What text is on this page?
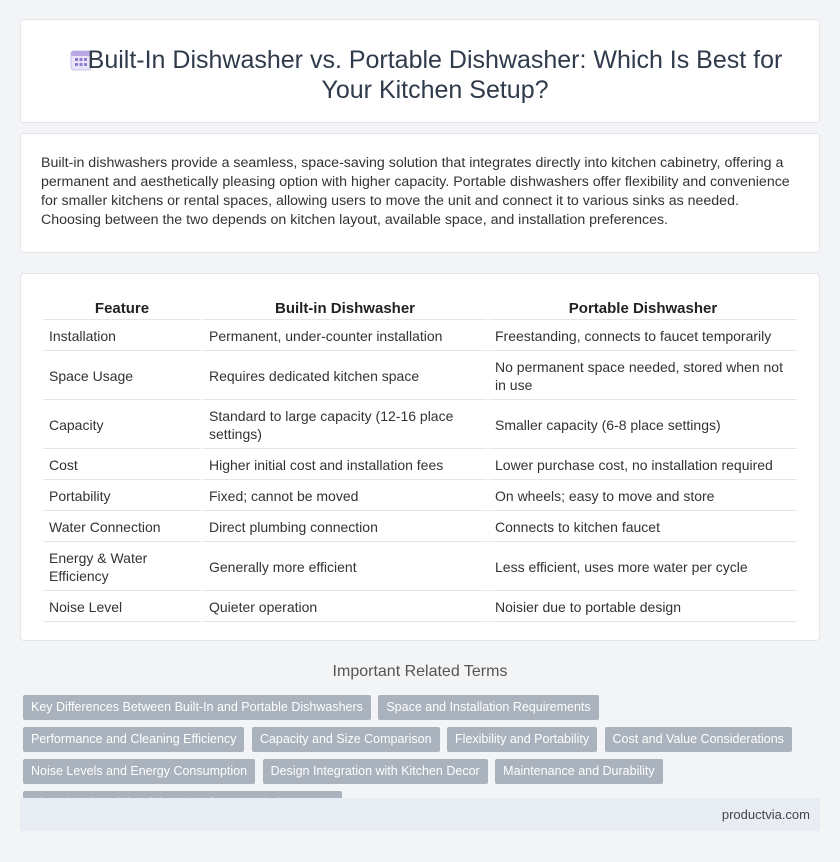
Built-In Dishwasher vs. Portable Dishwasher: Which Is Best for Your Kitchen Setup?

Built-in dishwashers provide a seamless, space-saving solution that integrates directly into kitchen cabinetry, offering a permanent and aesthetically pleasing option with higher capacity. Portable dishwashers offer flexibility and convenience for smaller kitchens or rental spaces, allowing users to move the unit and connect it to various sinks as needed. Choosing between the two depends on kitchen layout, available space, and installation preferences.

Feature	Built-in Dishwasher	Portable Dishwasher
Installation	Permanent, under-counter installation	Freestanding, connects to faucet temporarily
Space Usage	Requires dedicated kitchen space	No permanent space needed, stored when not in use
Capacity	Standard to large capacity (12-16 place settings)	Smaller capacity (6-8 place settings)
Cost	Higher initial cost and installation fees	Lower purchase cost, no installation required
Portability	Fixed; cannot be moved	On wheels; easy to move and store
Water Connection	Direct plumbing connection	Connects to kitchen faucet
Energy & Water Efficiency	Generally more efficient	Less efficient, uses more water per cycle
Noise Level	Quieter operation	Noisier due to portable design
Important Related Terms
Key Differences Between Built-In and Portable Dishwashers Space and Installation Requirements Performance and Cleaning Efficiency Capacity and Size Comparison Flexibility and Portability Cost and Value Considerations Noise Levels and Energy Consumption Design Integration with Kitchen Decor Maintenance and Durability
productvia.com
